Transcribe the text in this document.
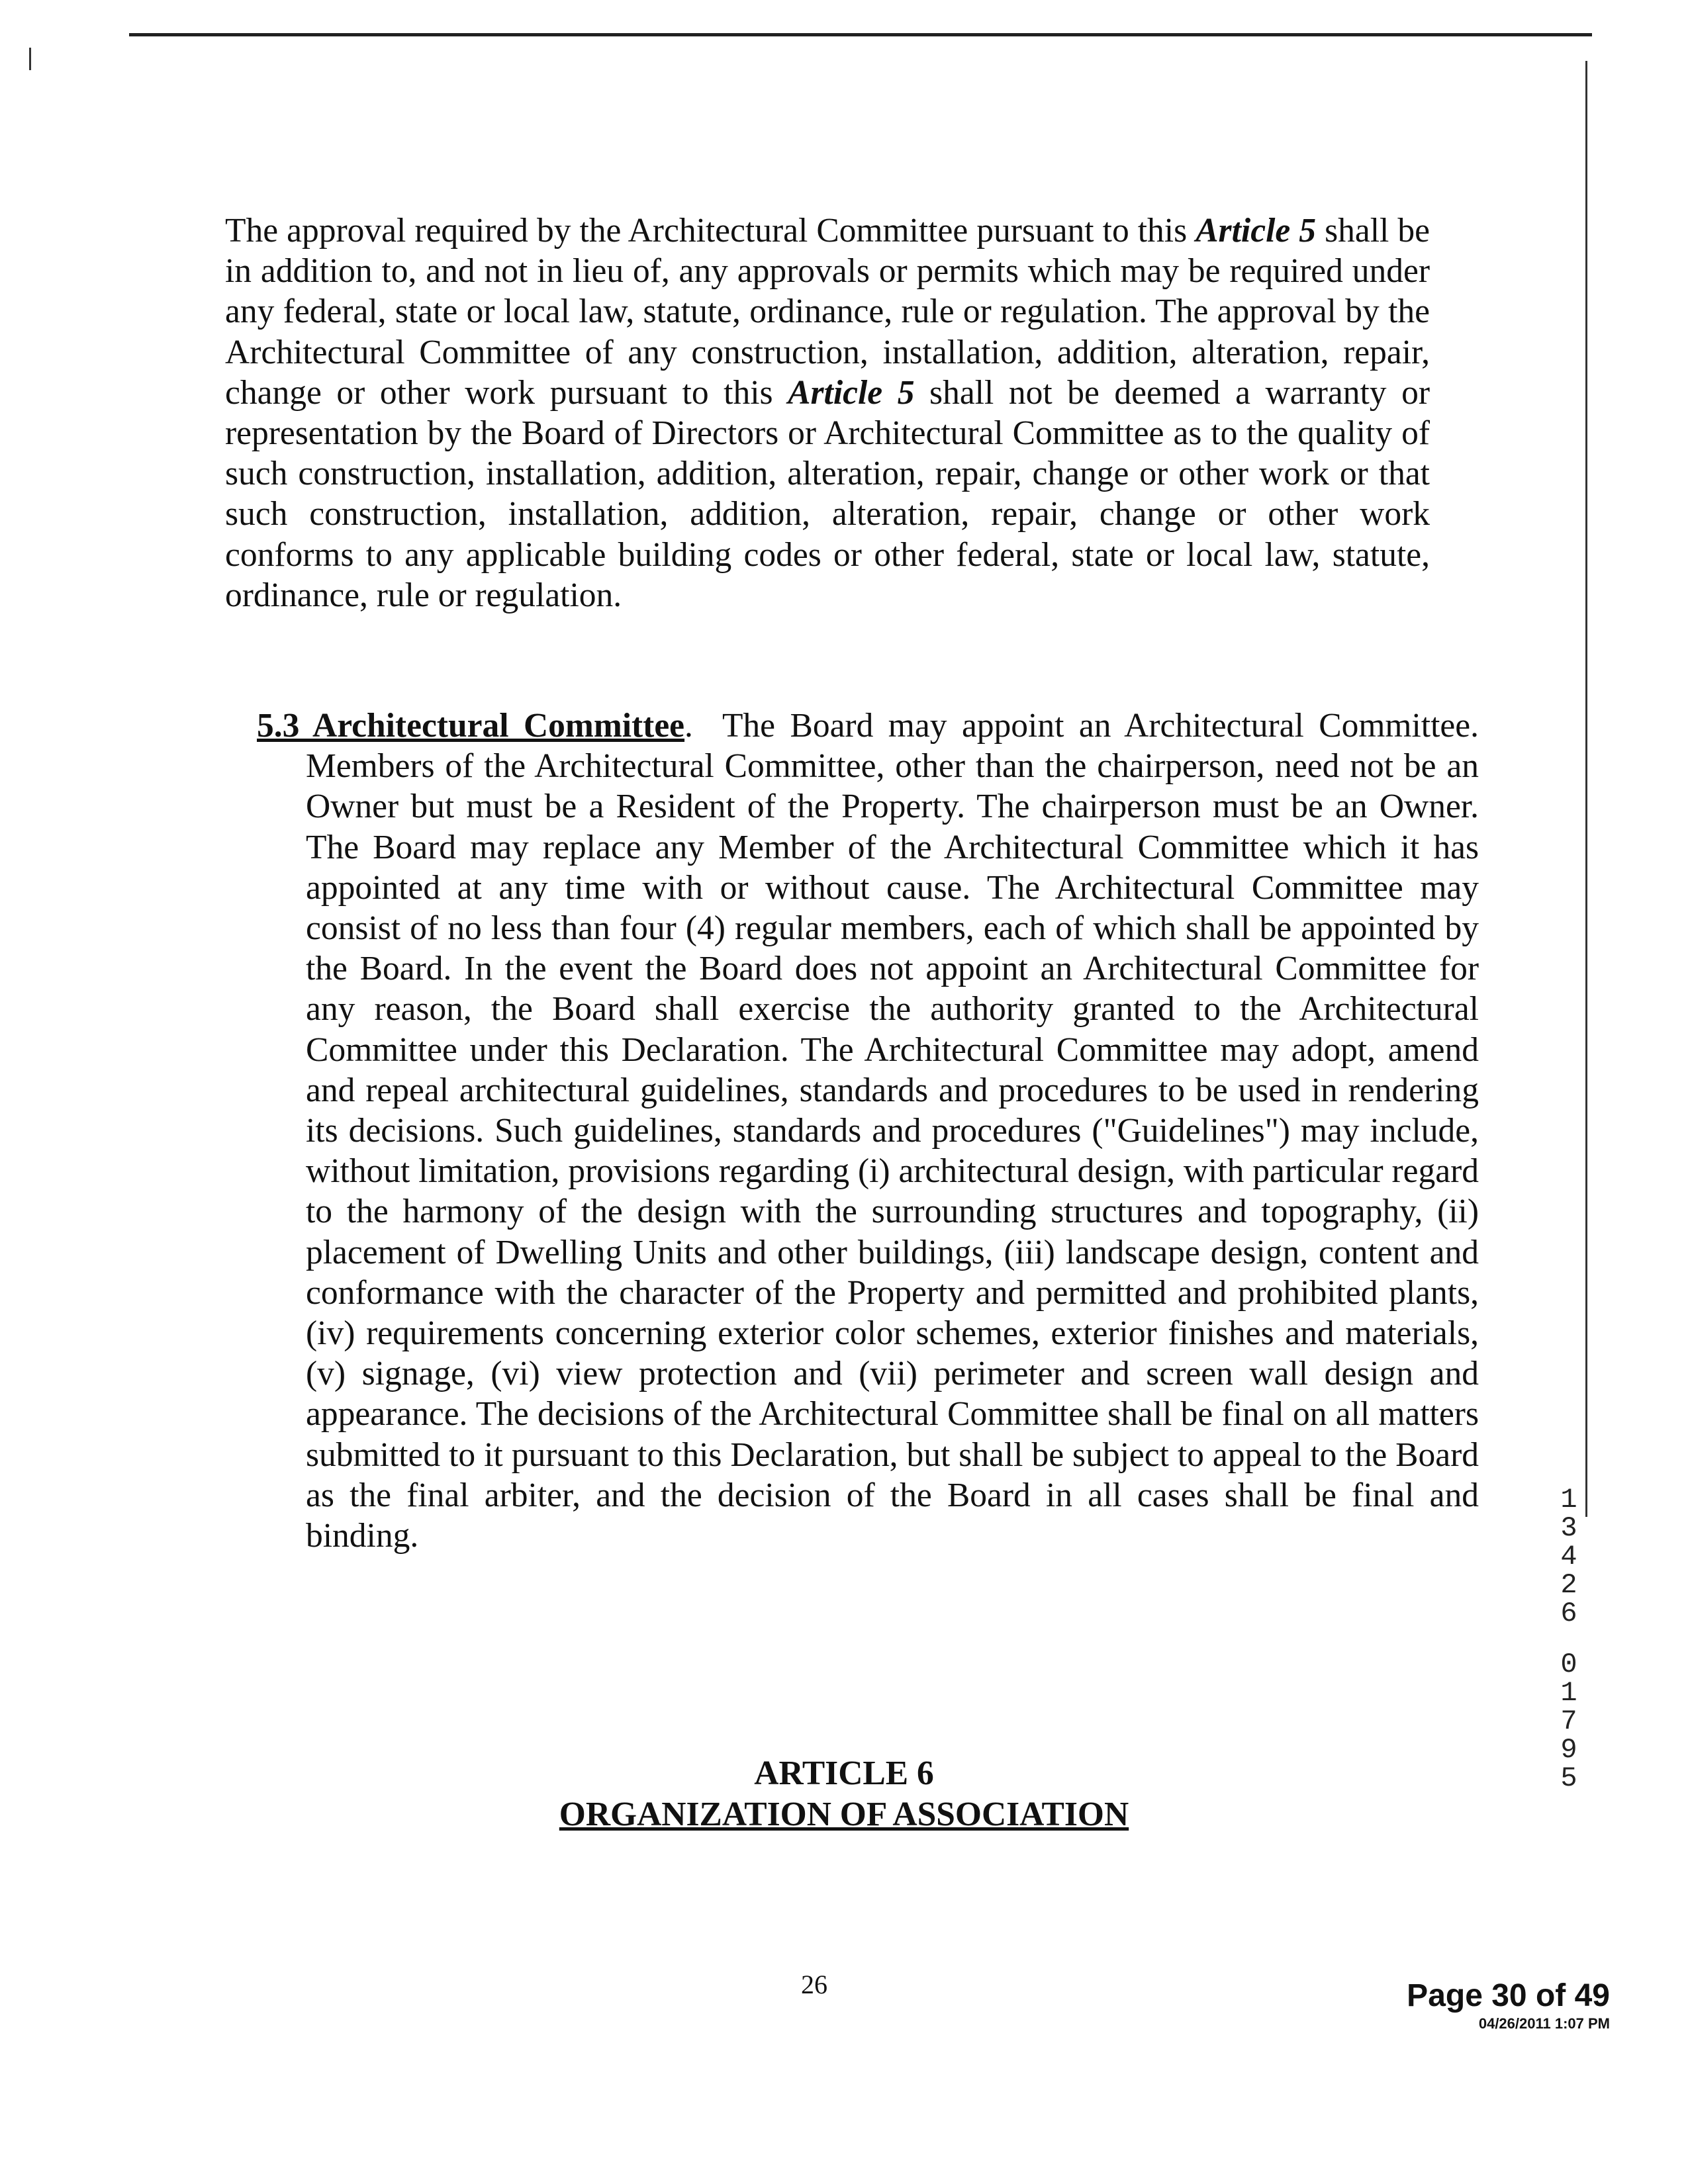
The approval required by the Architectural Committee pursuant to this Article 5 shall be in addition to, and not in lieu of, any approvals or permits which may be required under any federal, state or local law, statute, ordinance, rule or regulation. The approval by the Architectural Committee of any construction, installation, addition, alteration, repair, change or other work pursuant to this Article 5 shall not be deemed a warranty or representation by the Board of Directors or Architectural Committee as to the quality of such construction, installation, addition, alteration, repair, change or other work or that such construction, installation, addition, alteration, repair, change or other work conforms to any applicable building codes or other federal, state or local law, statute, ordinance, rule or regulation.

5.3 Architectural Committee. The Board may appoint an Architectural Committee. Members of the Architectural Committee, other than the chairperson, need not be an Owner but must be a Resident of the Property. The chairperson must be an Owner. The Board may replace any Member of the Architectural Committee which it has appointed at any time with or without cause. The Architectural Committee may consist of no less than four (4) regular members, each of which shall be appointed by the Board. In the event the Board does not appoint an Architectural Committee for any reason, the Board shall exercise the authority granted to the Architectural Committee under this Declaration. The Architectural Committee may adopt, amend and repeal architectural guidelines, standards and procedures to be used in rendering its decisions. Such guidelines, standards and procedures ("Guidelines") may include, without limitation, provisions regarding (i) architectural design, with particular regard to the harmony of the design with the surrounding structures and topography, (ii) placement of Dwelling Units and other buildings, (iii) landscape design, content and conformance with the character of the Property and permitted and prohibited plants, (iv) requirements concerning exterior color schemes, exterior finishes and materials, (v) signage, (vi) view protection and (vii) perimeter and screen wall design and appearance. The decisions of the Architectural Committee shall be final on all matters submitted to it pursuant to this Declaration, but shall be subject to appeal to the Board as the final arbiter, and the decision of the Board in all cases shall be final and binding.

ARTICLE 6

ORGANIZATION OF ASSOCIATION

1
3
4
2
6
0
1
7
9
5
26	Page 30 of 49

04/26/2011 1:07 PM
